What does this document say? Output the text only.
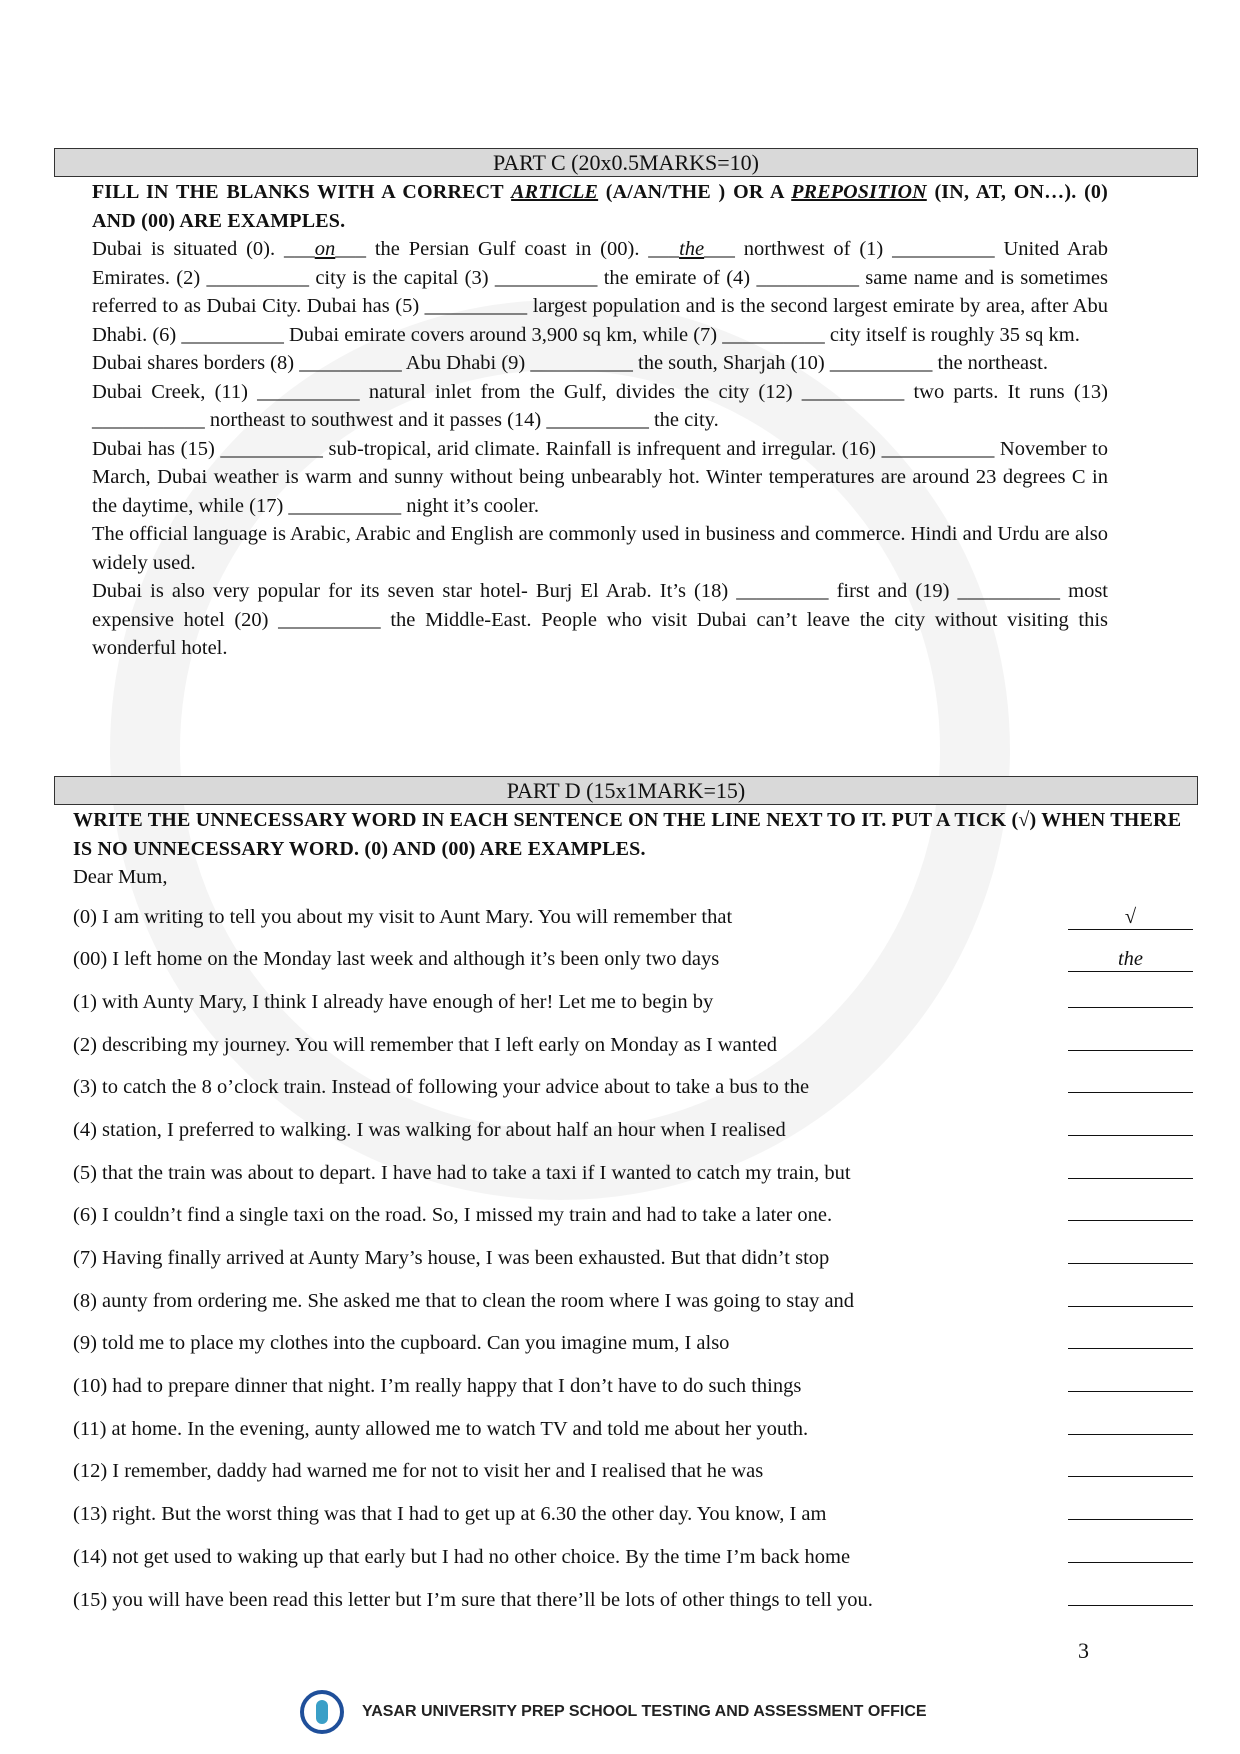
PART C (20x0.5MARKS=10)

FILL IN THE BLANKS WITH A CORRECT ARTICLE (A/AN/THE ) OR A PREPOSITION (IN, AT, ON…). (0) AND (00) ARE EXAMPLES.

Dubai is situated (0). ___on___ the Persian Gulf coast in (00). ___the___ northwest of (1) __________ United Arab Emirates. (2) __________ city is the capital (3) __________ the emirate of (4) __________ same name and is sometimes referred to as Dubai City. Dubai has (5) __________ largest population and is the second largest emirate by area, after Abu Dhabi. (6) __________ Dubai emirate covers around 3,900 sq km, while (7) __________ city itself is roughly 35 sq km.

Dubai shares borders (8) __________ Abu Dhabi (9) __________ the south, Sharjah (10) __________ the northeast.

Dubai Creek, (11) __________ natural inlet from the Gulf, divides the city (12) __________ two parts. It runs (13) ___________ northeast to southwest and it passes (14) __________ the city.

Dubai has (15) __________ sub-tropical, arid climate. Rainfall is infrequent and irregular. (16) ___________ November to March, Dubai weather is warm and sunny without being unbearably hot. Winter temperatures are around 23 degrees C in the daytime, while (17) ___________ night it’s cooler.

The official language is Arabic, Arabic and English are commonly used in business and commerce. Hindi and Urdu are also widely used.

Dubai is also very popular for its seven star hotel- Burj El Arab. It’s (18) _________ first and (19) __________ most expensive hotel (20) __________ the Middle-East. People who visit Dubai can’t leave the city without visiting this wonderful hotel.

PART D (15x1MARK=15)
WRITE THE UNNECESSARY WORD IN EACH SENTENCE ON THE LINE NEXT TO IT. PUT A TICK (√) WHEN THERE IS NO UNNECESSARY WORD. (0) AND (00) ARE EXAMPLES.
Dear Mum,
(0) I am writing to tell you about my visit to Aunt Mary. You will remember that	√
(00) I left home on the Monday last week and although it’s been only two days	the
(1) with Aunty Mary, I think I already have enough of her! Let me to begin by
(2) describing my journey. You will remember that I left early on Monday as I wanted
(3) to catch the 8 o’clock train. Instead of following your advice about to take a bus to the
(4) station, I preferred to walking. I was walking for about half an hour when I realised
(5) that the train was about to depart. I have had to take a taxi if I wanted to catch my train, but
(6) I couldn’t find a single taxi on the road. So, I missed my train and had to take a later one.
(7) Having finally arrived at Aunty Mary’s house, I was been exhausted. But that didn’t stop
(8) aunty from ordering me. She asked me that to clean the room where I was going to stay and
(9) told me to place my clothes into the cupboard. Can you imagine mum, I also
(10) had to prepare dinner that night. I’m really happy that I don’t have to do such things
(11) at home. In the evening, aunty allowed me to watch TV and told me about her youth.
(12) I remember, daddy had warned me for not to visit her and I realised that he was
(13) right. But the worst thing was that I had to get up at 6.30 the other day. You know, I am
(14) not get used to waking up that early but I had no other choice. By the time I’m back home
(15) you will have been read this letter but I’m sure that there’ll be lots of other things to tell you.
3
YASAR UNIVERSITY PREP SCHOOL TESTING AND ASSESSMENT OFFICE
